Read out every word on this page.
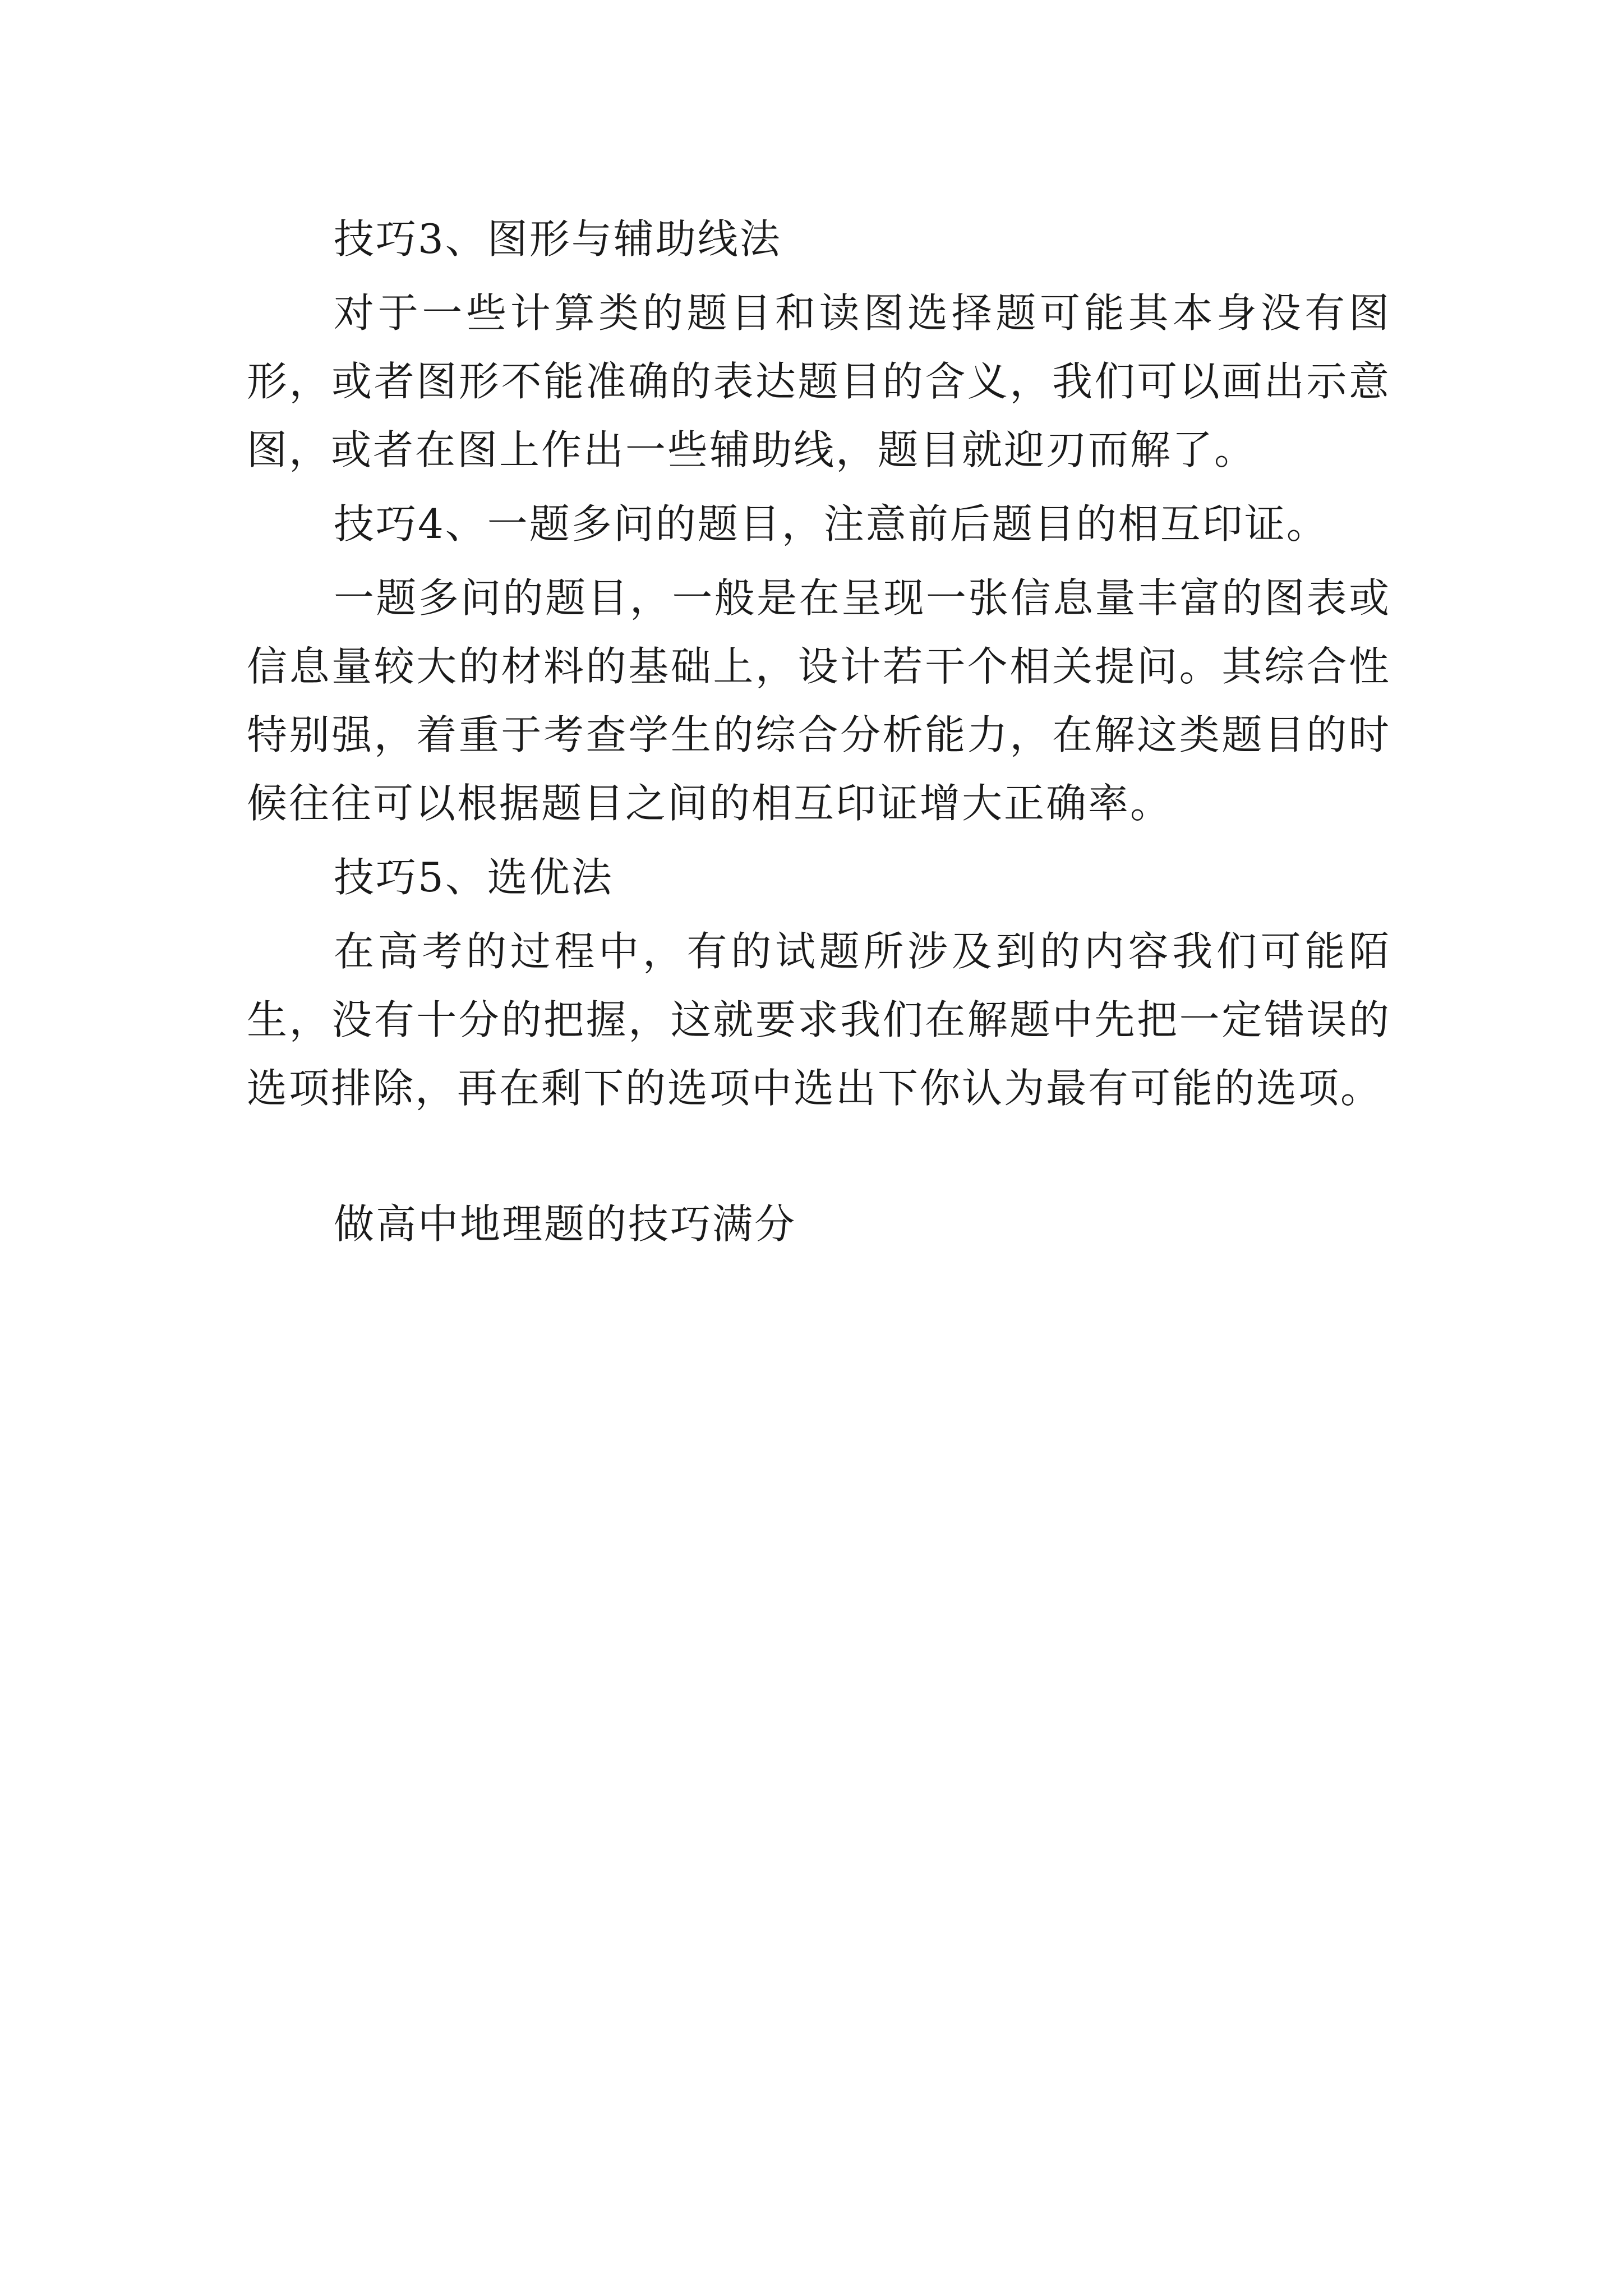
技巧3、图形与辅助线法

对于一些计算类的题目和读图选择题可能其本身没有图形，或者图形不能准确的表达题目的含义，我们可以画出示意图，或者在图上作出一些辅助线，题目就迎刃而解了。

技巧4、一题多问的题目，注意前后题目的相互印证。

一题多问的题目，一般是在呈现一张信息量丰富的图表或信息量较大的材料的基础上，设计若干个相关提问。其综合性特别强，着重于考查学生的综合分析能力，在解这类题目的时候往往可以根据题目之间的相互印证增大正确率。

技巧5、选优法

在高考的过程中，有的试题所涉及到的内容我们可能陌生，没有十分的把握，这就要求我们在解题中先把一定错误的选项排除，再在剩下的选项中选出下你认为最有可能的选项。

做高中地理题的技巧满分
